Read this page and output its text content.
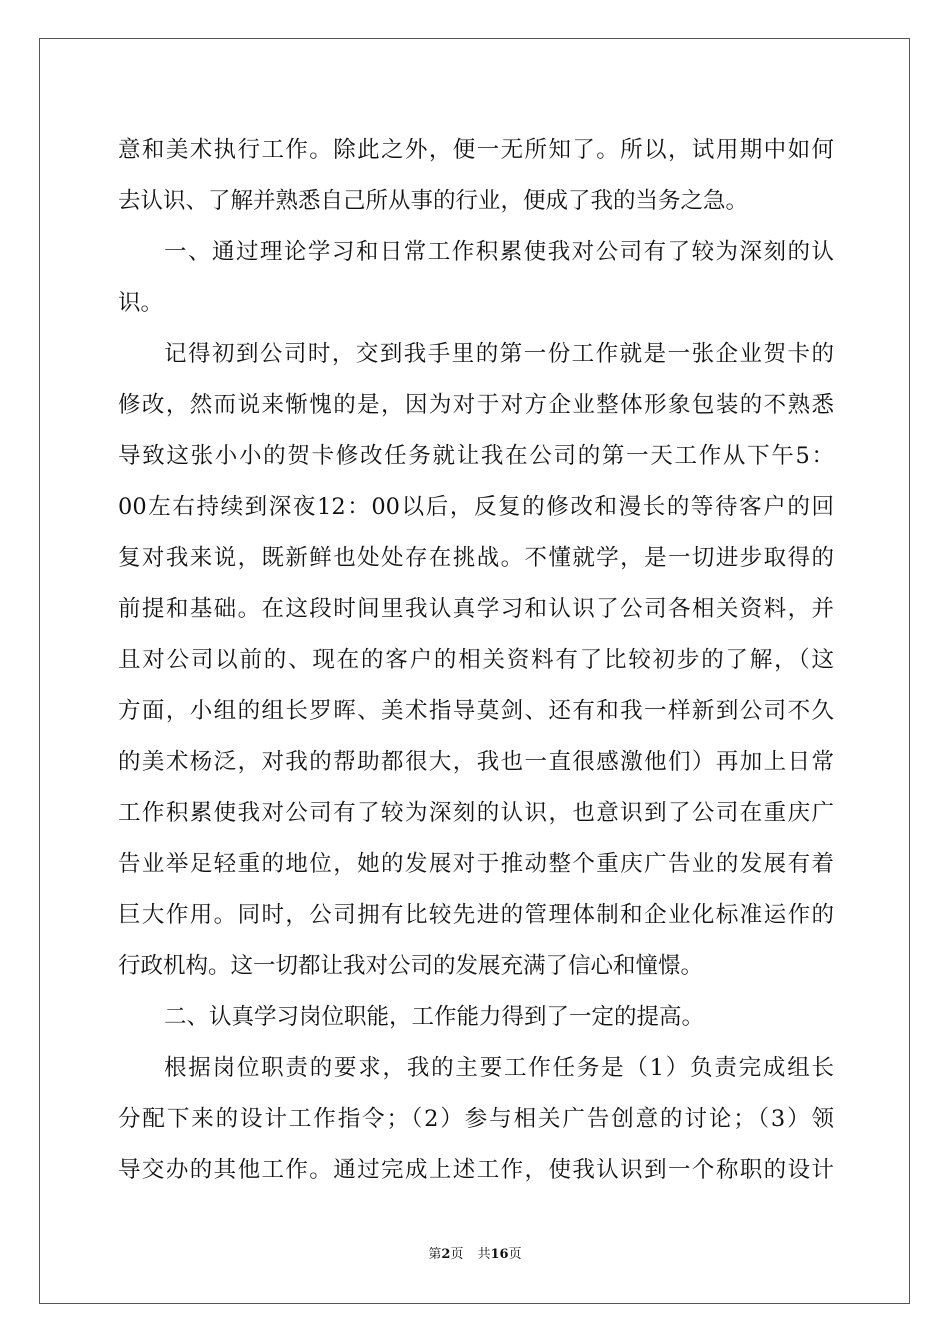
意和美术执行工作。除此之外，便一无所知了。所以，试用期中如何
去认识、了解并熟悉自己所从事的行业，便成了我的当务之急。
一、通过理论学习和日常工作积累使我对公司有了较为深刻的认
识。
记得初到公司时，交到我手里的第一份工作就是一张企业贺卡的
修改，然而说来惭愧的是，因为对于对方企业整体形象包装的不熟悉
导致这张小小的贺卡修改任务就让我在公司的第一天工作从下午5：
00左右持续到深夜12：00以后，反复的修改和漫长的等待客户的回
复对我来说，既新鲜也处处存在挑战。不懂就学，是一切进步取得的
前提和基础。在这段时间里我认真学习和认识了公司各相关资料，并
且对公司以前的、现在的客户的相关资料有了比较初步的了解，（这
方面，小组的组长罗晖、美术指导莫剑、还有和我一样新到公司不久
的美术杨泛，对我的帮助都很大，我也一直很感激他们）再加上日常
工作积累使我对公司有了较为深刻的认识，也意识到了公司在重庆广
告业举足轻重的地位，她的发展对于推动整个重庆广告业的发展有着
巨大作用。同时，公司拥有比较先进的管理体制和企业化标准运作的
行政机构。这一切都让我对公司的发展充满了信心和憧憬。
二、认真学习岗位职能，工作能力得到了一定的提高。
根据岗位职责的要求，我的主要工作任务是（1）负责完成组长
分配下来的设计工作指令；（2）参与相关广告创意的讨论；（3）领
导交办的其他工作。通过完成上述工作，使我认识到一个称职的设计
第2页 共16页
